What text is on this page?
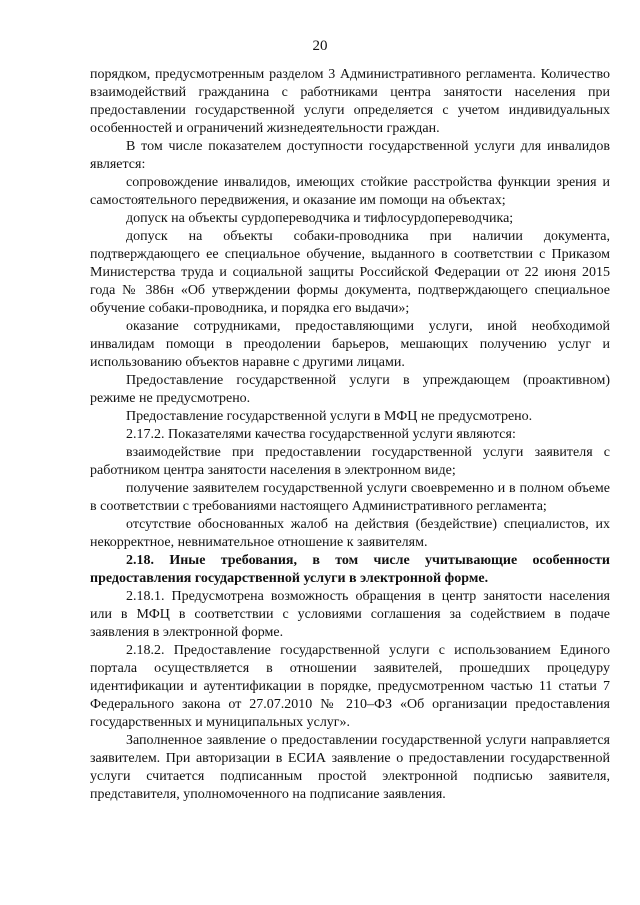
20

порядком, предусмотренным разделом 3 Административного регламента. Количество взаимодействий гражданина с работниками центра занятости населения при предоставлении государственной услуги определяется с учетом индивидуальных особенностей и ограничений жизнедеятельности граждан.

В том числе показателем доступности государственной услуги для инвалидов является:

сопровождение инвалидов, имеющих стойкие расстройства функции зрения и самостоятельного передвижения, и оказание им помощи на объектах;

допуск на объекты сурдопереводчика и тифлосурдопереводчика;

допуск на объекты собаки-проводника при наличии документа, подтверждающего ее специальное обучение, выданного в соответствии с Приказом Министерства труда и социальной защиты Российской Федерации от 22 июня 2015 года № 386н «Об утверждении формы документа, подтверждающего специальное обучение собаки-проводника, и порядка его выдачи»;

оказание сотрудниками, предоставляющими услуги, иной необходимой инвалидам помощи в преодолении барьеров, мешающих получению услуг и использованию объектов наравне с другими лицами.

Предоставление государственной услуги в упреждающем (проактивном) режиме не предусмотрено.

Предоставление государственной услуги в МФЦ не предусмотрено.

2.17.2. Показателями качества государственной услуги являются:

взаимодействие при предоставлении государственной услуги заявителя с работником центра занятости населения в электронном виде;

получение заявителем государственной услуги своевременно и в полном объеме в соответствии с требованиями настоящего Административного регламента;

отсутствие обоснованных жалоб на действия (бездействие) специалистов, их некорректное, невнимательное отношение к заявителям.

2.18. Иные требования, в том числе учитывающие особенности предоставления государственной услуги в электронной форме.

2.18.1. Предусмотрена возможность обращения в центр занятости населения или в МФЦ в соответствии с условиями соглашения за содействием в подаче заявления в электронной форме.

2.18.2. Предоставление государственной услуги с использованием Единого портала осуществляется в отношении заявителей, прошедших процедуру идентификации и аутентификации в порядке, предусмотренном частью 11 статьи 7 Федерального закона от 27.07.2010 № 210–ФЗ «Об организации предоставления государственных и муниципальных услуг».

Заполненное заявление о предоставлении государственной услуги направляется заявителем. При авторизации в ЕСИА заявление о предоставлении государственной услуги считается подписанным простой электронной подписью заявителя, представителя, уполномоченного на подписание заявления.
